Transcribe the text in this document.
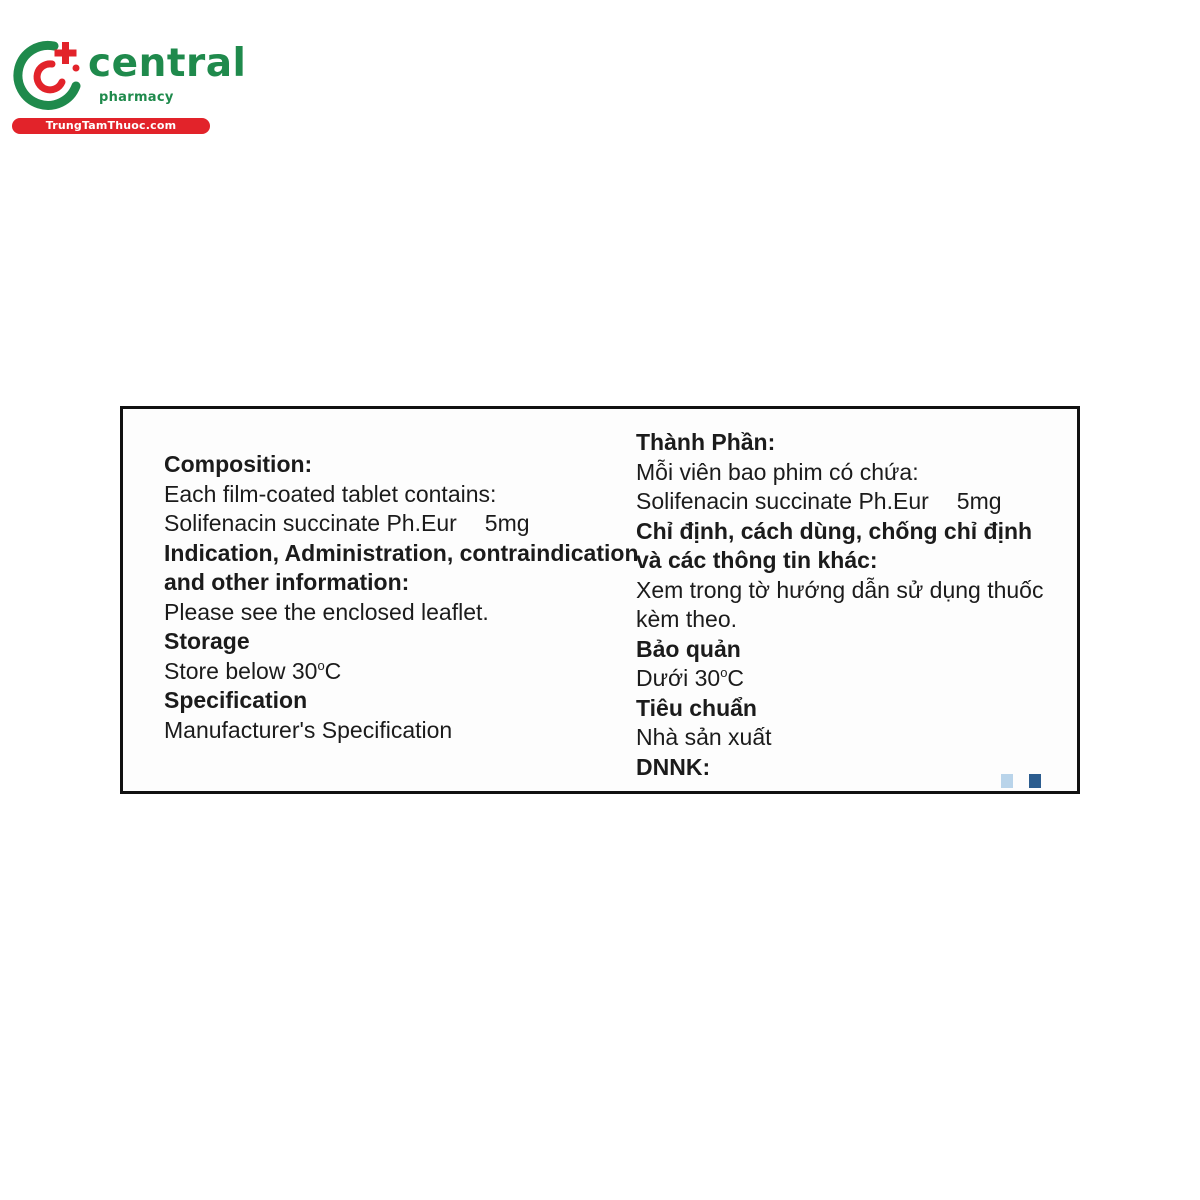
central
pharmacy
TrungTamThuoc.com
Composition:
Each film-coated tablet contains:
Solifenacin succinate Ph.Eur 5mg
Indication, Administration, contraindication
and other information:
Please see the enclosed leaflet.
Storage
Store below 30$^o$C
Specification
Manufacturer's Specification
Thành Phần:
Mỗi viên bao phim có chứa:
Solifenacin succinate Ph.Eur 5mg
Chỉ định, cách dùng, chống chỉ định
và các thông tin khác:
Xem trong tờ hướng dẫn sử dụng thuốc
kèm theo.
Bảo quản
Dưới 30$^o$C
Tiêu chuẩn
Nhà sản xuất
DNNK:
